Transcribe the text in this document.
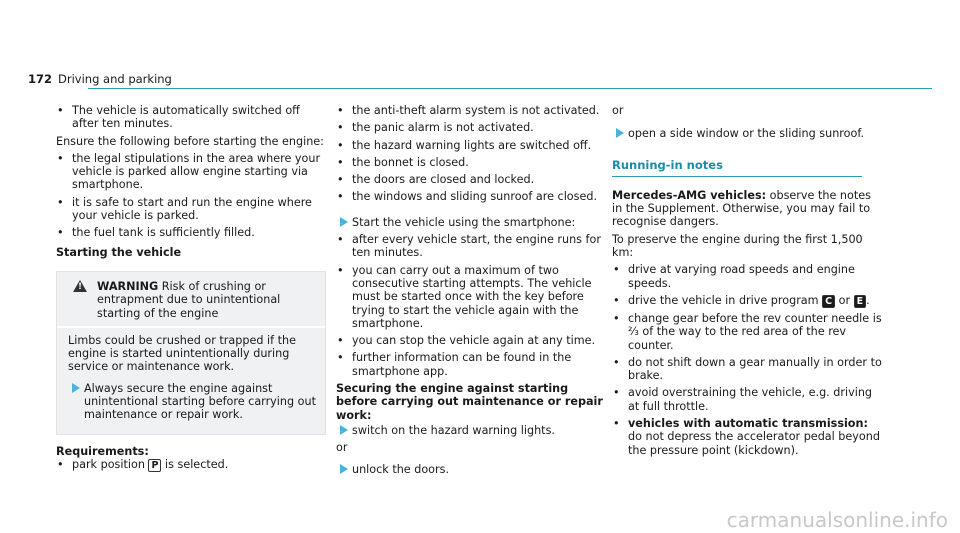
172 Driving and parking
• The vehicle is automatically switched off after ten minutes.

Ensure the following before starting the engine:

• the legal stipulations in the area where your vehicle is parked allow engine starting via smartphone.
• it is safe to start and run the engine where your vehicle is parked.
• the fuel tank is sufficiently filled.

Starting the vehicle

!
WARNING Risk of crushing or entrapment due to unintentional starting of the engine

Limbs could be crushed or trapped if the engine is started unintentionally during service or maintenance work.

Always secure the engine against unintentional starting before carrying out maintenance or repair work.

Requirements:

• park position P is selected.
• the anti-theft alarm system is not activated.
• the panic alarm is not activated.
• the hazard warning lights are switched off.
• the bonnet is closed.
• the doors are closed and locked.
• the windows and sliding sunroof are closed.
Start the vehicle using the smartphone:
• after every vehicle start, the engine runs for ten minutes.
• you can carry out a maximum of two consecutive starting attempts. The vehicle must be started once with the key before trying to start the vehicle again with the smartphone.
• you can stop the vehicle again at any time.
• further information can be found in the smartphone app.

Securing the engine against starting before carrying out maintenance or repair work:

switch on the hazard warning lights.

or

unlock the doors.

or

open a side window or the sliding sunroof.
Running-in notes

Mercedes-AMG vehicles: observe the notes in the Supplement. Otherwise, you may fail to recognise dangers.

To preserve the engine during the first 1,500 km:

• drive at varying road speeds and engine speeds.
• drive the vehicle in drive program C or E .
• change gear before the rev counter needle is ⅔ of the way to the red area of the rev counter.
• do not shift down a gear manually in order to brake.
• avoid overstraining the vehicle, e.g. driving at full throttle.
• vehicles with automatic transmission: do not depress the accelerator pedal beyond the pressure point (kickdown).
carmanualsonline.info
